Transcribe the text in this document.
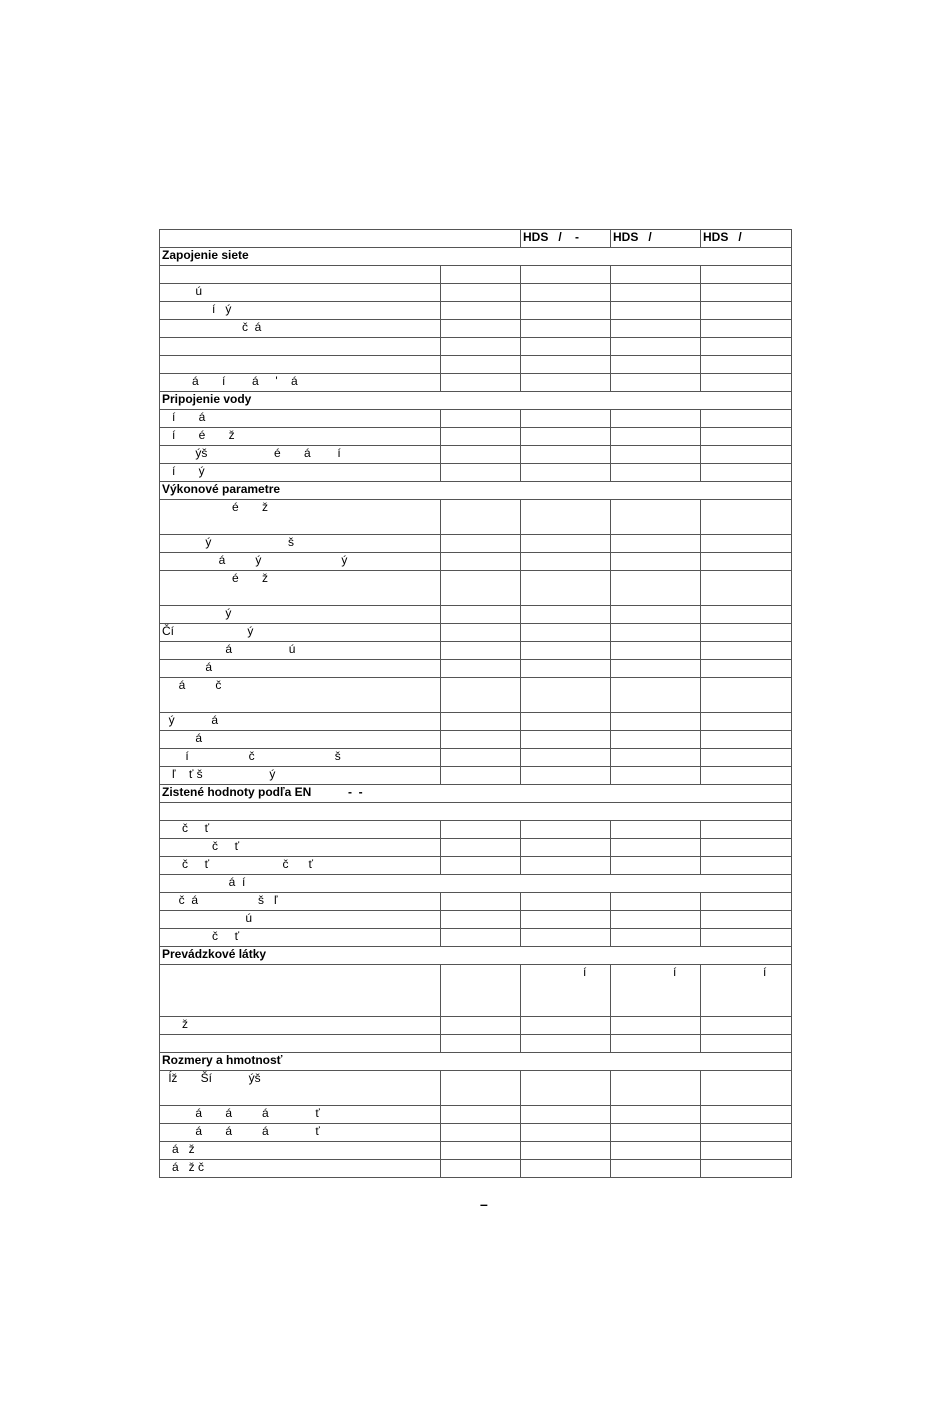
		HDS   /    -	HDS   /	HDS   /
Zapojenie siete				

ú				
í   ý				
č  á				

á       í        á     '    á				
Pripojenie vody				
í       á				
í       é       ž				
ýš                    é       á        í				
í       ý				
Výkonové parametre				
é       ž				
ý                       š				
á         ý                        ý				
é       ž				
ý				
Čí                      ý				
á                 ú				
á				
á         č				
ý           á				
á				
í                  č                        š				
ľ    ť š                    ý				
Zistené hodnoty podľa EN           -  -				

č     ť				
č     ť				
č     ť                      č      ť				
á  í				
č  á                  š   ľ				
ú				
č     ť				
Prevádzkové látky				
		í	í	í
ž				

Rozmery a hmotnosť				
ĺž       Ší           ýš				
á       á         á              ť				
á       á         á              ť				
á   ž				
á   ž č				
–
